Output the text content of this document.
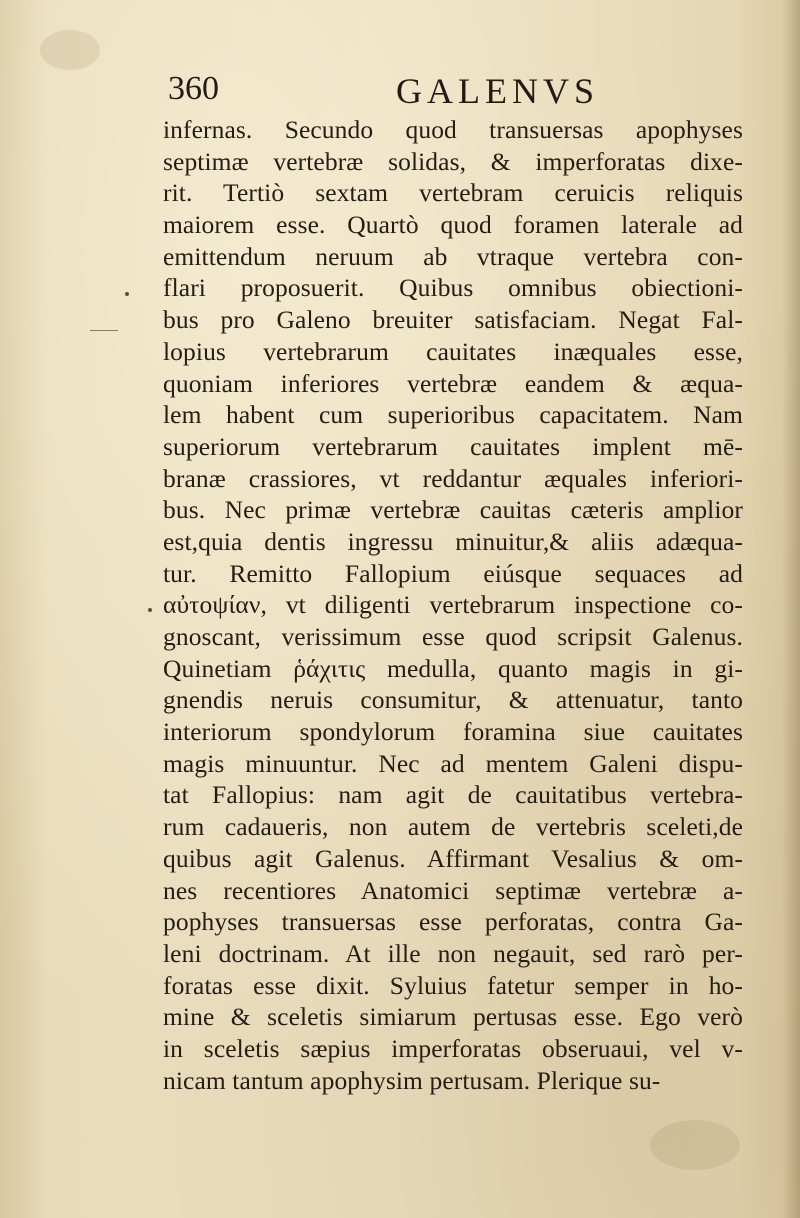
360	GALENVS
infernas. Secundo quod transuersas apophyses
septimæ vertebræ solidas, & imperforatas dixe-
rit. Tertiò sextam vertebram ceruicis reliquis
maiorem esse. Quartò quod foramen laterale ad
emittendum neruum ab vtraque vertebra con-
flari proposuerit. Quibus omnibus obiectioni-
bus pro Galeno breuiter satisfaciam. Negat Fal-
lopius vertebrarum cauitates inæquales esse,
quoniam inferiores vertebræ eandem & æqua-
lem habent cum superioribus capacitatem. Nam
superiorum vertebrarum cauitates implent mē-
branæ crassiores, vt reddantur æquales inferiori-
bus. Nec primæ vertebræ cauitas cæteris amplior
est,quia dentis ingressu minuitur,& aliis adæqua-
tur. Remitto Fallopium eiúsque sequaces ad
αὐτοψίαν, vt diligenti vertebrarum inspectione co-
gnoscant, verissimum esse quod scripsit Galenus.
Quinetiam ῥάχιτις medulla, quanto magis in gi-
gnendis neruis consumitur, & attenuatur, tanto
interiorum spondylorum foramina siue cauitates
magis minuuntur. Nec ad mentem Galeni dispu-
tat Fallopius: nam agit de cauitatibus vertebra-
rum cadaueris, non autem de vertebris sceleti,de
quibus agit Galenus. Affirmant Vesalius & om-
nes recentiores Anatomici septimæ vertebræ a-
pophyses transuersas esse perforatas, contra Ga-
leni doctrinam. At ille non negauit, sed rarò per-
foratas esse dixit. Syluius fatetur semper in ho-
mine & sceletis simiarum pertusas esse. Ego verò
in sceletis sæpius imperforatas obseruaui, vel v-
nicam tantum apophysim pertusam. Plerique su-
